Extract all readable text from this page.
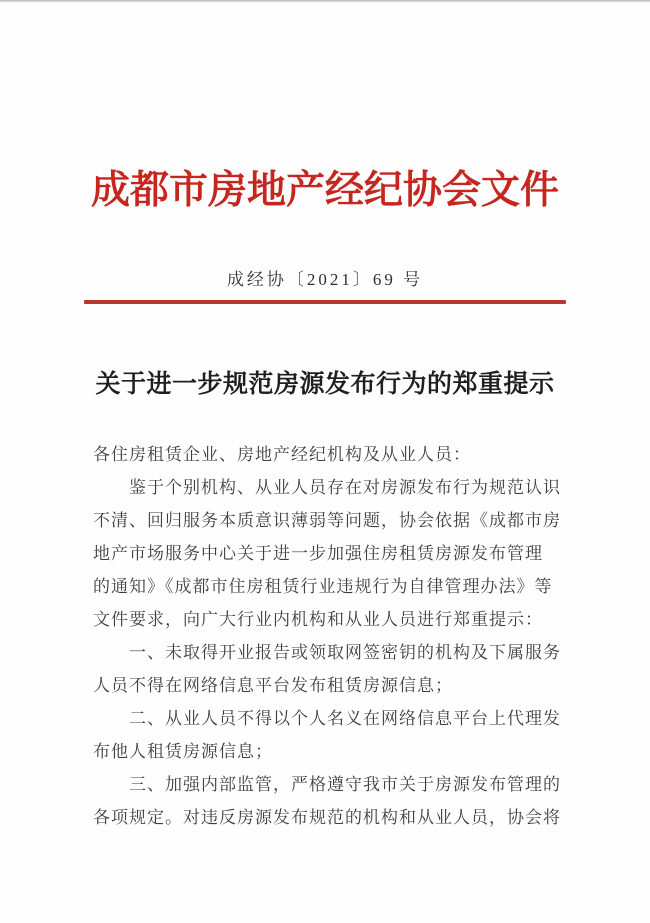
成都市房地产经纪协会文件
成经协〔2021〕69 号
关于进一步规范房源发布行为的郑重提示
各住房租赁企业、房地产经纪机构及从业人员：
鉴于个别机构、从业人员存在对房源发布行为规范认识
不清、回归服务本质意识薄弱等问题，协会依据《成都市房
地产市场服务中心关于进一步加强住房租赁房源发布管理
的通知》《成都市住房租赁行业违规行为自律管理办法》等
文件要求，向广大行业内机构和从业人员进行郑重提示：
一、未取得开业报告或领取网签密钥的机构及下属服务
人员不得在网络信息平台发布租赁房源信息；
二、从业人员不得以个人名义在网络信息平台上代理发
布他人租赁房源信息；
三、加强内部监管，严格遵守我市关于房源发布管理的
各项规定。对违反房源发布规范的机构和从业人员，协会将
